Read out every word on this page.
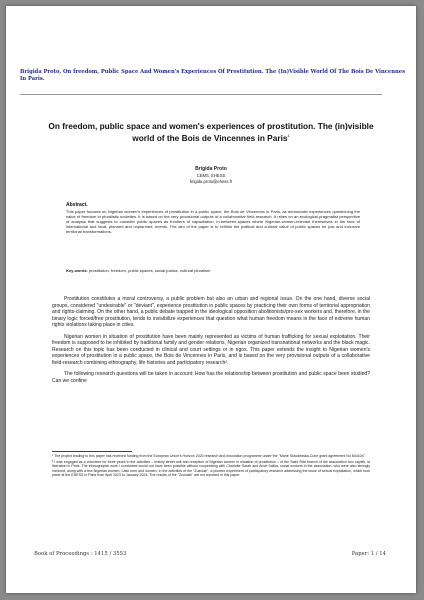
Brigida Proto, On freedom, Public Space And Women's Experiences Of Prostitution. The (In)Visible World Of The Bois De Vincennes In Paris.
On freedom, public space and women's experiences of prostitution. The (in)visible world of the Bois de Vincennes in Paris$^1$
Brigida Proto
CEMS, EHESS
brigida.proto@ehess.fr
Abstract.
This paper focuses on Nigerian women's experiences of prostitution in a public space, the Bois de Vincennes in Paris, as democratic experiences questioning the value of freedom in pluralistic societies. It is based on the very provisional outputs of a collaborative field-research. It relies on an ecological-pragmatist perspective of analysis that suggests to consider public spaces as frontiers of capacitation, in-between-spaces where Nigerian-women-relevant themselves in the face of international and local, planned and unplanned, events. The aim of the paper is to rethink the political and cultural value of public spaces for just and inclusive territorial transformations.
Key-words: prostitution, freedom, public spaces, social justice, cultural pluralism

Prostitution constitutes a moral controversy, a public problem but also an urban and regional issue. On the one hand, diverse social groups, considered "undesirable" or "deviant", experience prostitution in public spaces by practicing their own forms of territorial appropriation and rights-claiming. On the other hand, a public debate trapped in the ideological opposition abolitionists/pro-sex workers and, therefore, in the binary logic forced/free prostitution, tends to invisibilize experiences that question what human freedom means in the face of extreme human rights violations taking place in cities.

Nigerian women in situation of prostitution have been mainly represented as victims of human trafficking for sexual exploitation. Their freedom is supposed to be inhibited by traditional family and gender relations, Nigerian organized transnational networks and the black magic. Research on this topic has been conducted in clinical and court settings or in ngos. This paper extends the insight to Nigerian women's experiences of prostitution in a public space, the Bois de Vincennes in Paris, and is based on the very provisional outputs of a collaborative field-research combining ethnography, life histories and participatory research².

The following research questions will be taken in account: How has the relationship between prostitution and public space been studied? Can we confine

¹ The project leading to this paper has received funding from the European Union's Horizon 2020 research and innovation programme under the "Marie Skłodowska-Curie grant agreement No 844104".

² I was engaged as a volunteer for three years in the activities – mainly street unit and reception of Nigerian women in situation of prostitution – of the Saint Rita branch of the association Aux captifs, la libération in Paris. The ethnographic work I conducted would not have been possible without cooperating with Charlotte Sarah and Amel Salika, social workers in the association, who were also strongly involved, along with a few Nigerian women, Latin men and women, in the activities of the "Zuzulab", a pioneer experiment of participatory research addressing the issue of sexual exploitation, which took place at the EHESS in Paris from April 2023 to January 2024. The results of the "Zuzulab" are not reported in this paper.

Book of Proceedings : 1415 / 3553	Paper: 1 / 14
